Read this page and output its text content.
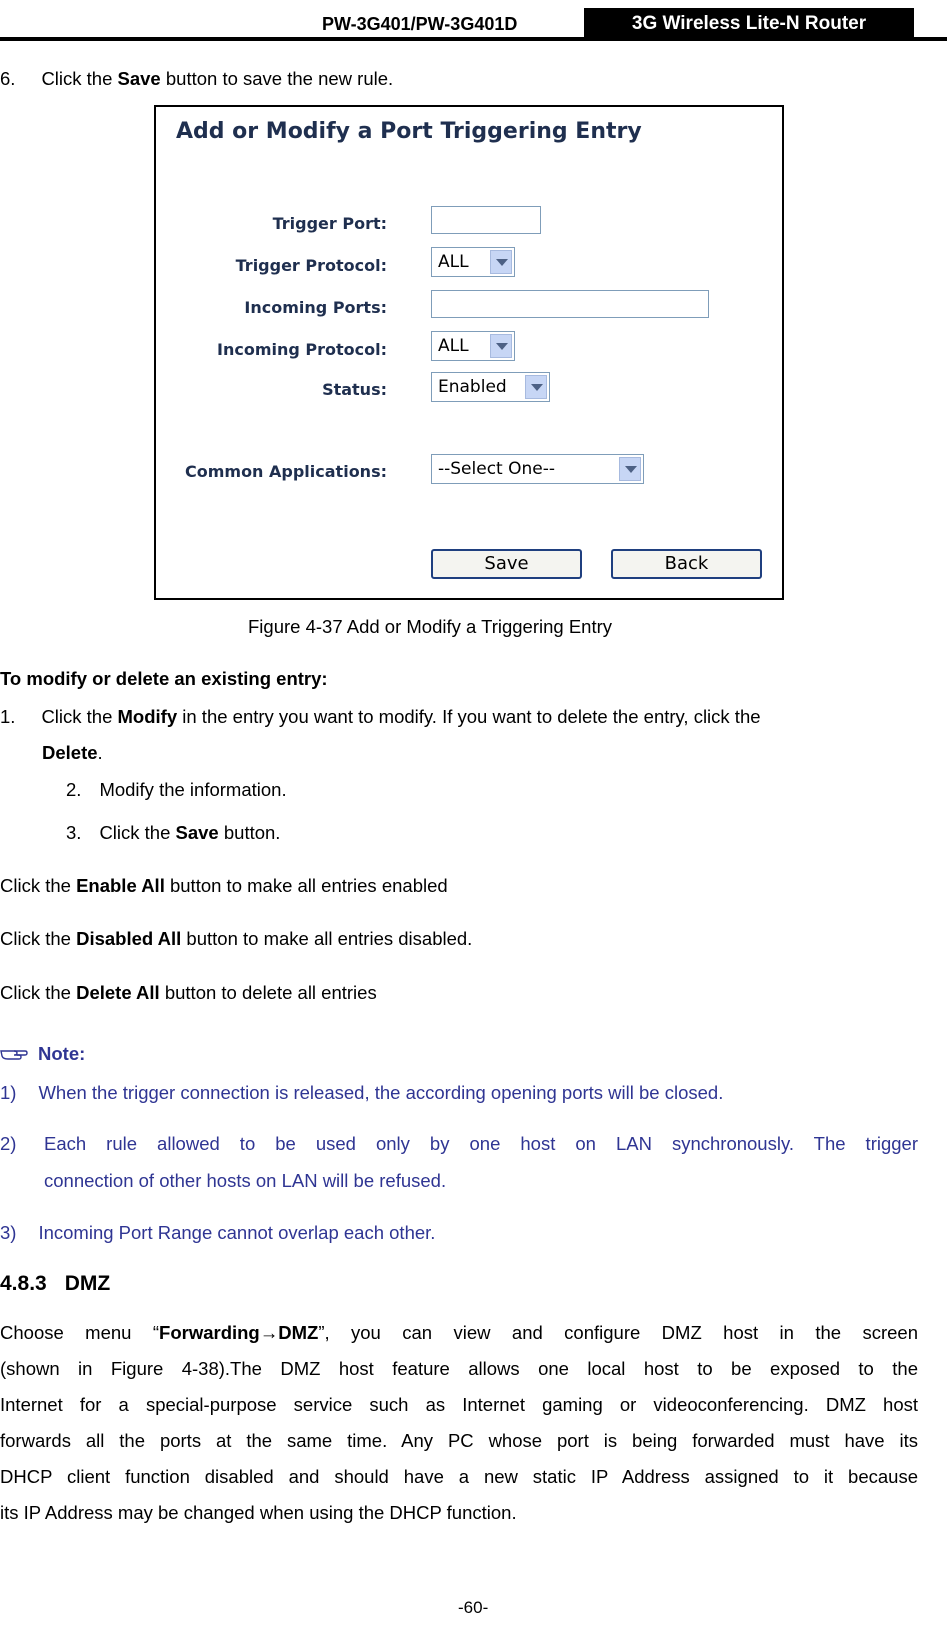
PW-3G401/PW-3G401D	3G Wireless Lite-N Router
6. Click the Save button to save the new rule.
Add or Modify a Port Triggering Entry
Trigger Port:
Trigger Protocol:	ALL
Incoming Ports:
Incoming Protocol:	ALL
Status:	Enabled
Common Applications:	--Select One--
Save	Back
Figure 4-37 Add or Modify a Triggering Entry
To modify or delete an existing entry:
1. Click the Modify in the entry you want to modify. If you want to delete the entry, click the
Delete.
2. Modify the information.
3. Click the Save button.
Click the Enable All button to make all entries enabled
Click the Disabled All button to make all entries disabled.
Click the Delete All button to delete all entries
Note:
1) When the trigger connection is released, the according opening ports will be closed.
2) Each rule allowed to be used only by one host on LAN synchronously. The trigger
connection of other hosts on LAN will be refused.
3) Incoming Port Range cannot overlap each other.
4.8.3 DMZ
Choose menu “Forwarding→DMZ”, you can view and configure DMZ host in the screen
(shown in Figure 4-38).The DMZ host feature allows one local host to be exposed to the
Internet for a special-purpose service such as Internet gaming or videoconferencing. DMZ host
forwards all the ports at the same time. Any PC whose port is being forwarded must have its
DHCP client function disabled and should have a new static IP Address assigned to it because
its IP Address may be changed when using the DHCP function.
-60-
